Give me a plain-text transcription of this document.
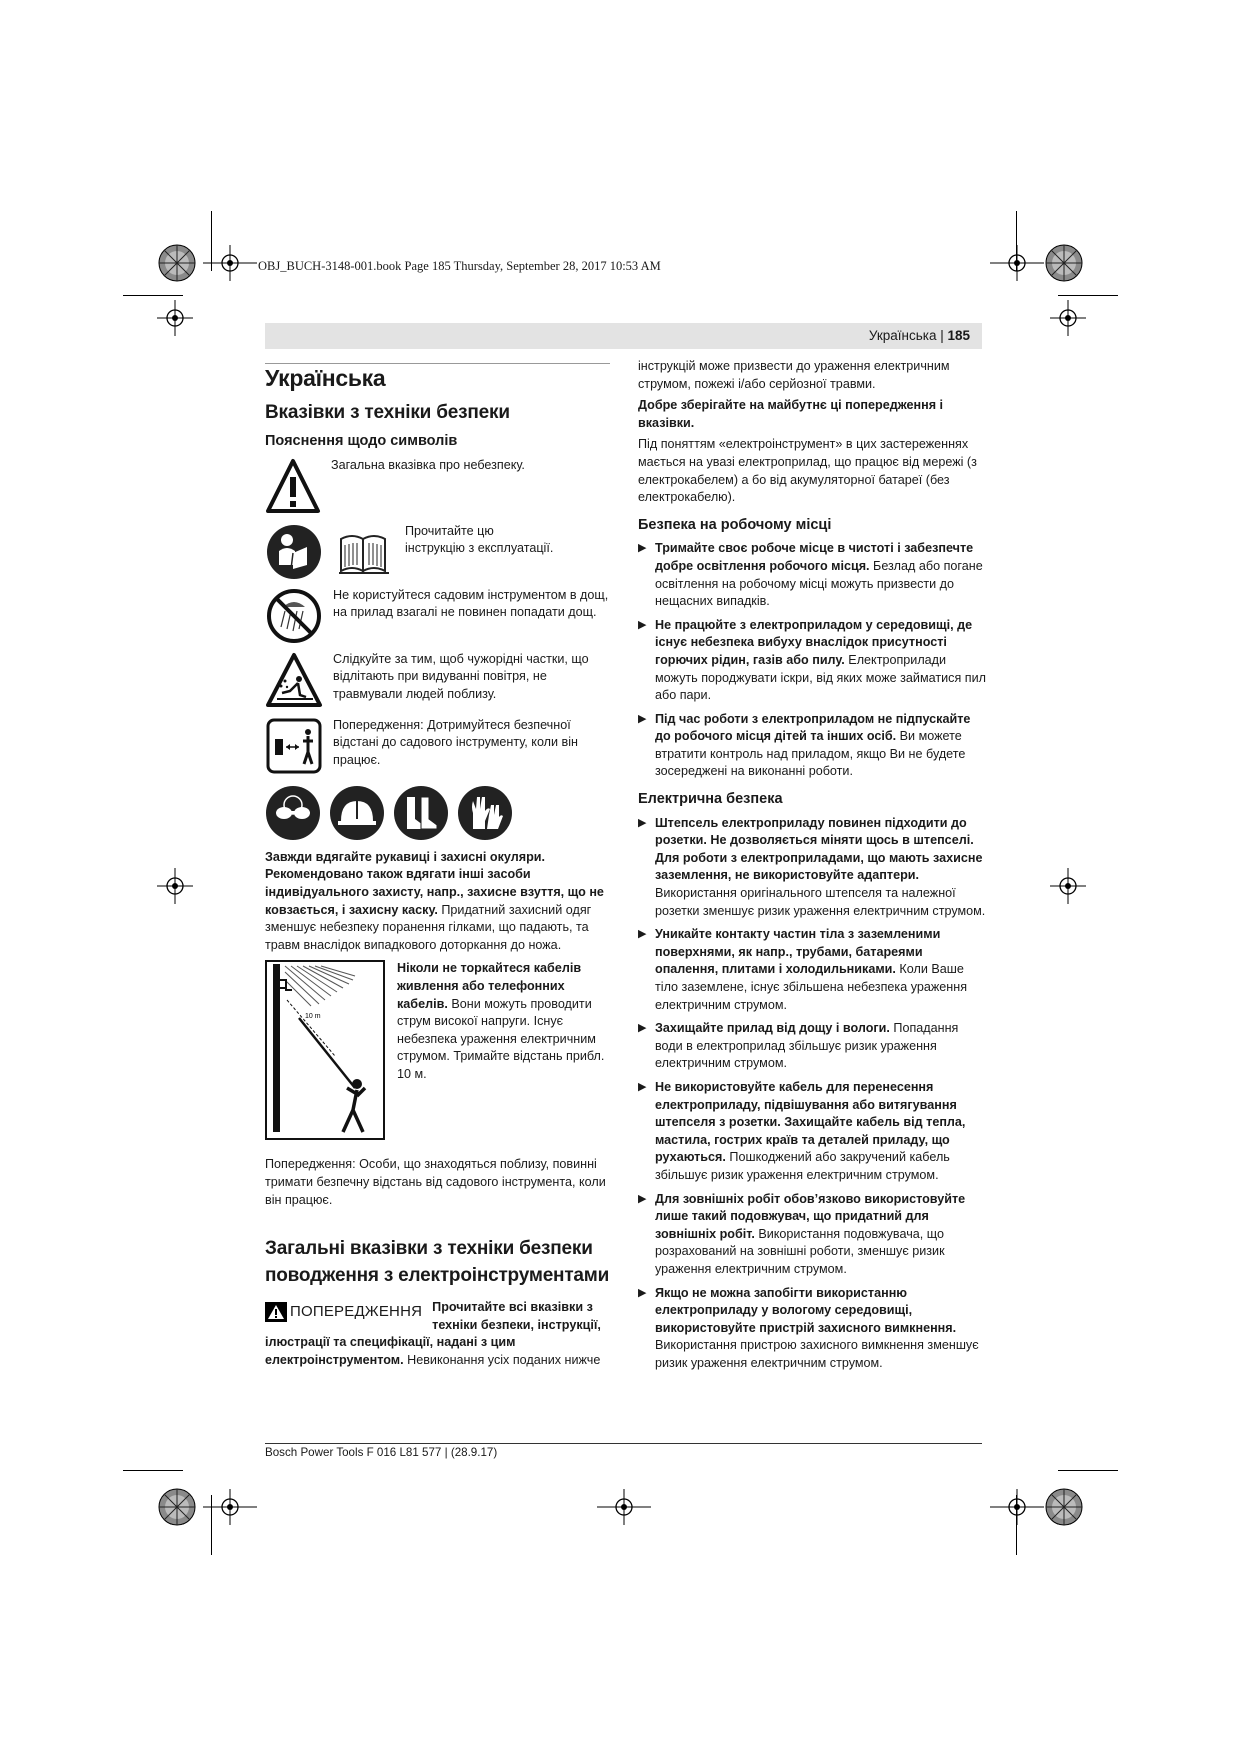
OBJ_BUCH-3148-001.book Page 185 Thursday, September 28, 2017 10:53 AM
Українська | 185
Українська
Вказівки з техніки безпеки
Пояснення щодо символів
Загальна вказівка про небезпеку.
Прочитайте цю інструкцію з експлуатації.
Не користуйтеся садовим інструментом в дощ, на прилад взагалі не повинен попадати дощ.
Слідкуйте за тим, щоб чужорідні частки, що відлітають при видуванні повітря, не травмували людей поблизу.
Попередження: Дотримуйтеся безпечної відстані до садового інструменту, коли він працює.

Завжди вдягайте рукавиці і захисні окуляри. Рекомендовано також вдягати інші засоби індивідуального захисту, напр., захисне взуття, що не ковзається, і захисну каску. Придатний захисний одяг зменшує небезпеку поранення гілками, що падають, та травм внаслідок випадкового доторкання до ножа.

10 m

Ніколи не торкайтеся кабелів живлення або телефонних кабелів. Вони можуть проводити струм високої напруги. Існує небезпека ураження електричним струмом. Тримайте відстань прибл. 10 м.

Попередження: Особи, що знаходяться поблизу, повинні тримати безпечну відстань від садового інструмента, коли він працює.

Загальні вказівки з техніки безпеки поводження з електроінструментами

ПОПЕРЕДЖЕННЯ Прочитайте всі вказівки з техніки безпеки, інструкції, ілюстрації та специфікації, надані з цим електроінструментом. Невиконання усіх поданих нижче

інструкцій може призвести до ураження електричним струмом, пожежі і/або серйозної травми.

Добре зберігайте на майбутнє ці попередження і вказівки.

Під поняттям «електроінструмент» в цих застереженнях мається на увазі електроприлад, що працює від мережі (з електрокабелем) а бо від акумуляторної батареї (без електрокабелю).

Безпека на робочому місці
▶ Тримайте своє робоче місце в чистоті і забезпечте добре освітлення робочого місця. Безлад або погане освітлення на робочому місці можуть призвести до нещасних випадків.
▶ Не працюйте з електроприладом у середовищі, де існує небезпека вибуху внаслідок присутності горючих рідин, газів або пилу. Електроприлади можуть породжувати іскри, від яких може займатися пил або пари.
▶ Під час роботи з електроприладом не підпускайте до робочого місця дітей та інших осіб. Ви можете втратити контроль над приладом, якщо Ви не будете зосереджені на виконанні роботи.
Електрична безпека
▶ Штепсель електроприладу повинен підходити до розетки. Не дозволяється міняти щось в штепселі. Для роботи з електроприладами, що мають захисне заземлення, не використовуйте адаптери. Використання оригінального штепселя та належної розетки зменшує ризик ураження електричним струмом.
▶ Уникайте контакту частин тіла з заземленими поверхнями, як напр., трубами, батареями опалення, плитами і холодильниками. Коли Ваше тіло заземлене, існує збільшена небезпека ураження електричним струмом.
▶ Захищайте прилад від дощу і вологи. Попадання води в електроприлад збільшує ризик ураження електричним струмом.
▶ Не використовуйте кабель для перенесення електроприладу, підвішування або витягування штепселя з розетки. Захищайте кабель від тепла, мастила, гострих країв та деталей приладу, що рухаються. Пошкоджений або закручений кабель збільшує ризик ураження електричним струмом.
▶ Для зовнішніх робіт обов’язково використовуйте лише такий подовжувач, що придатний для зовнішніх робіт. Використання подовжувача, що розрахований на зовнішні роботи, зменшує ризик ураження електричним струмом.
▶ Якщо не можна запобігти використанню електроприладу у вологому середовищі, використовуйте пристрій захисного вимкнення. Використання пристрою захисного вимкнення зменшує ризик ураження електричним струмом.
Bosch Power Tools F 016 L81 577 | (28.9.17)
